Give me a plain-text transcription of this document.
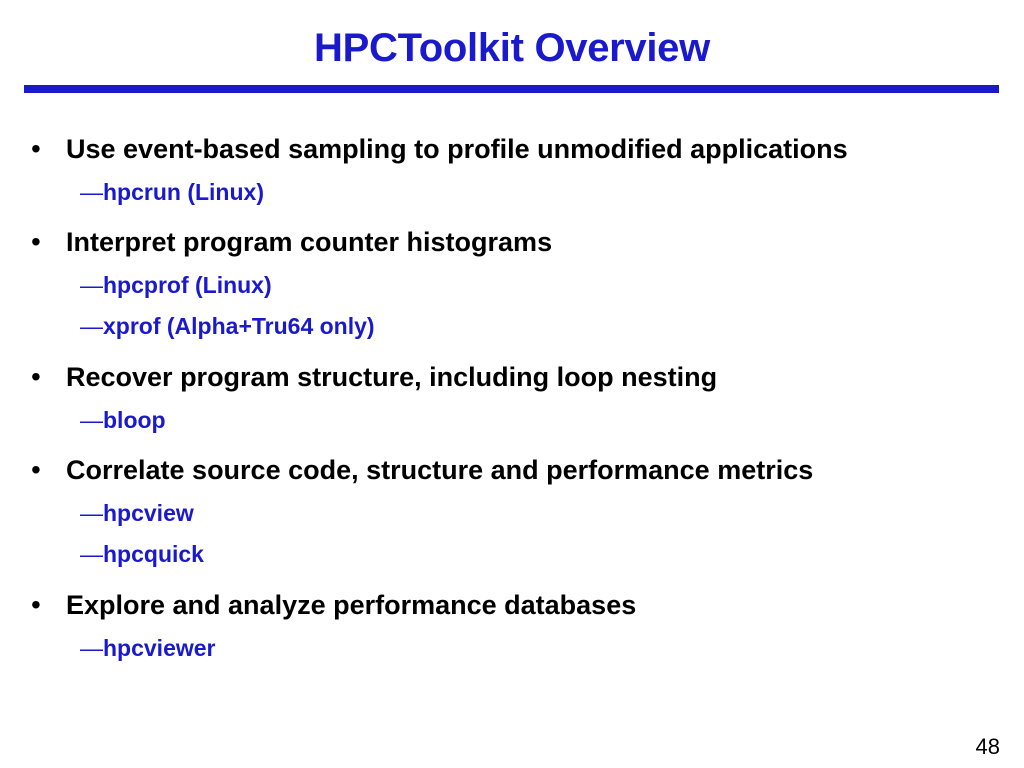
HPCToolkit Overview
• Use event-based sampling to profile unmodified applications
—hpcrun (Linux)
• Interpret program counter histograms
—hpcprof (Linux)
—xprof (Alpha+Tru64 only)
• Recover program structure, including loop nesting
—bloop
• Correlate source code, structure and performance metrics
—hpcview
—hpcquick
• Explore and analyze performance databases
—hpcviewer
48
